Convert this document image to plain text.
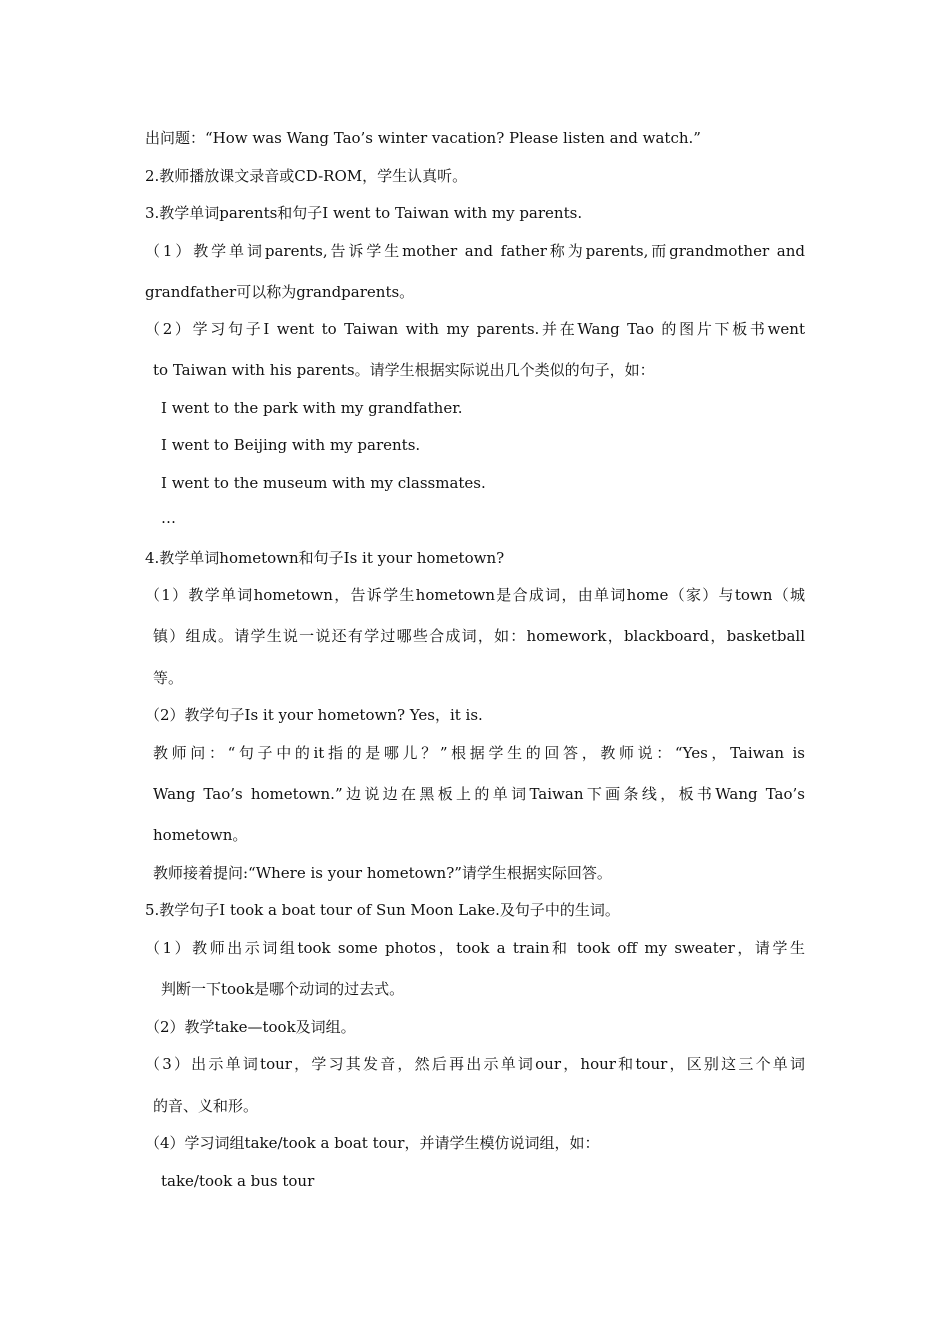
出问题：“How was Wang Tao’s winter vacation? Please listen and watch.”
2.教师播放课文录音或CD-ROM，学生认真听。
3.教学单词parents和句子I went to Taiwan with my parents.
（1）教学单词parents,告诉学生mother and father称为parents,而grandmother and
grandfather可以称为grandparents。
（2）学习句子I went to Taiwan with my parents.并在Wang Tao 的图片下板书went
to Taiwan with his parents。请学生根据实际说出几个类似的句子，如：
I went to the park with my grandfather.
I went to Beijing with my parents.
I went to the museum with my classmates.
…
4.教学单词hometown和句子Is it your hometown?
（1）教学单词hometown，告诉学生hometown是合成词，由单词home（家）与town（城
镇）组成。请学生说一说还有学过哪些合成词，如：homework，blackboard，basketball
等。
（2）教学句子Is it your hometown? Yes，it is.
教师问：“句子中的it指的是哪儿？”根据学生的回答，教师说：“Yes，Taiwan is
Wang Tao’s hometown.”边说边在黑板上的单词Taiwan下画条线，板书Wang Tao’s
hometown。
教师接着提问:“Where is your hometown?”请学生根据实际回答。
5.教学句子I took a boat tour of Sun Moon Lake.及句子中的生词。
（1）教师出示词组took some photos，took a train和 took off my sweater，请学生
判断一下took是哪个动词的过去式。
（2）教学take—took及词组。
（3）出示单词tour，学习其发音，然后再出示单词our，hour和tour，区别这三个单词
的音、义和形。
（4）学习词组take/took a boat tour，并请学生模仿说词组，如：
take/took a bus tour
